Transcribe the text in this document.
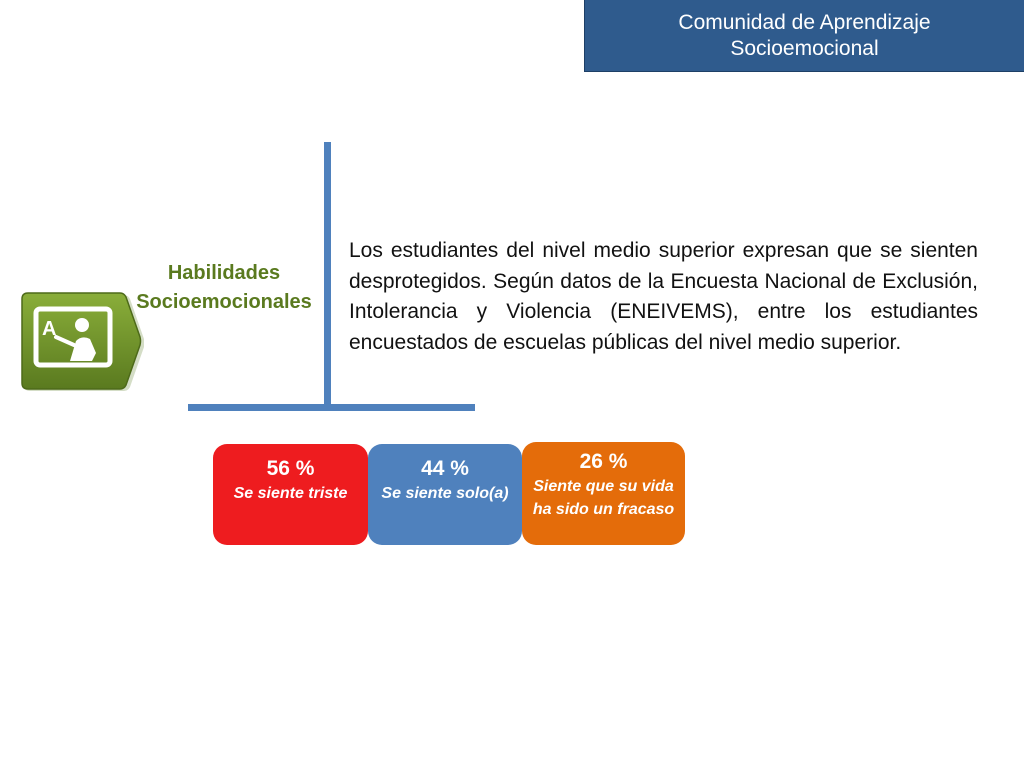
Comunidad de Aprendizaje
Socioemocional
Habilidades
Socioemocionales
A
Los estudiantes del nivel medio superior expresan que se sienten desprotegidos. Según datos de la Encuesta Nacional de Exclusión, Intolerancia y Violencia (ENEIVEMS), entre los estudiantes encuestados de escuelas públicas del nivel medio superior.
56 %
Se siente triste
44 %
Se siente solo(a)
26 %
Siente que su vida ha sido un fracaso
